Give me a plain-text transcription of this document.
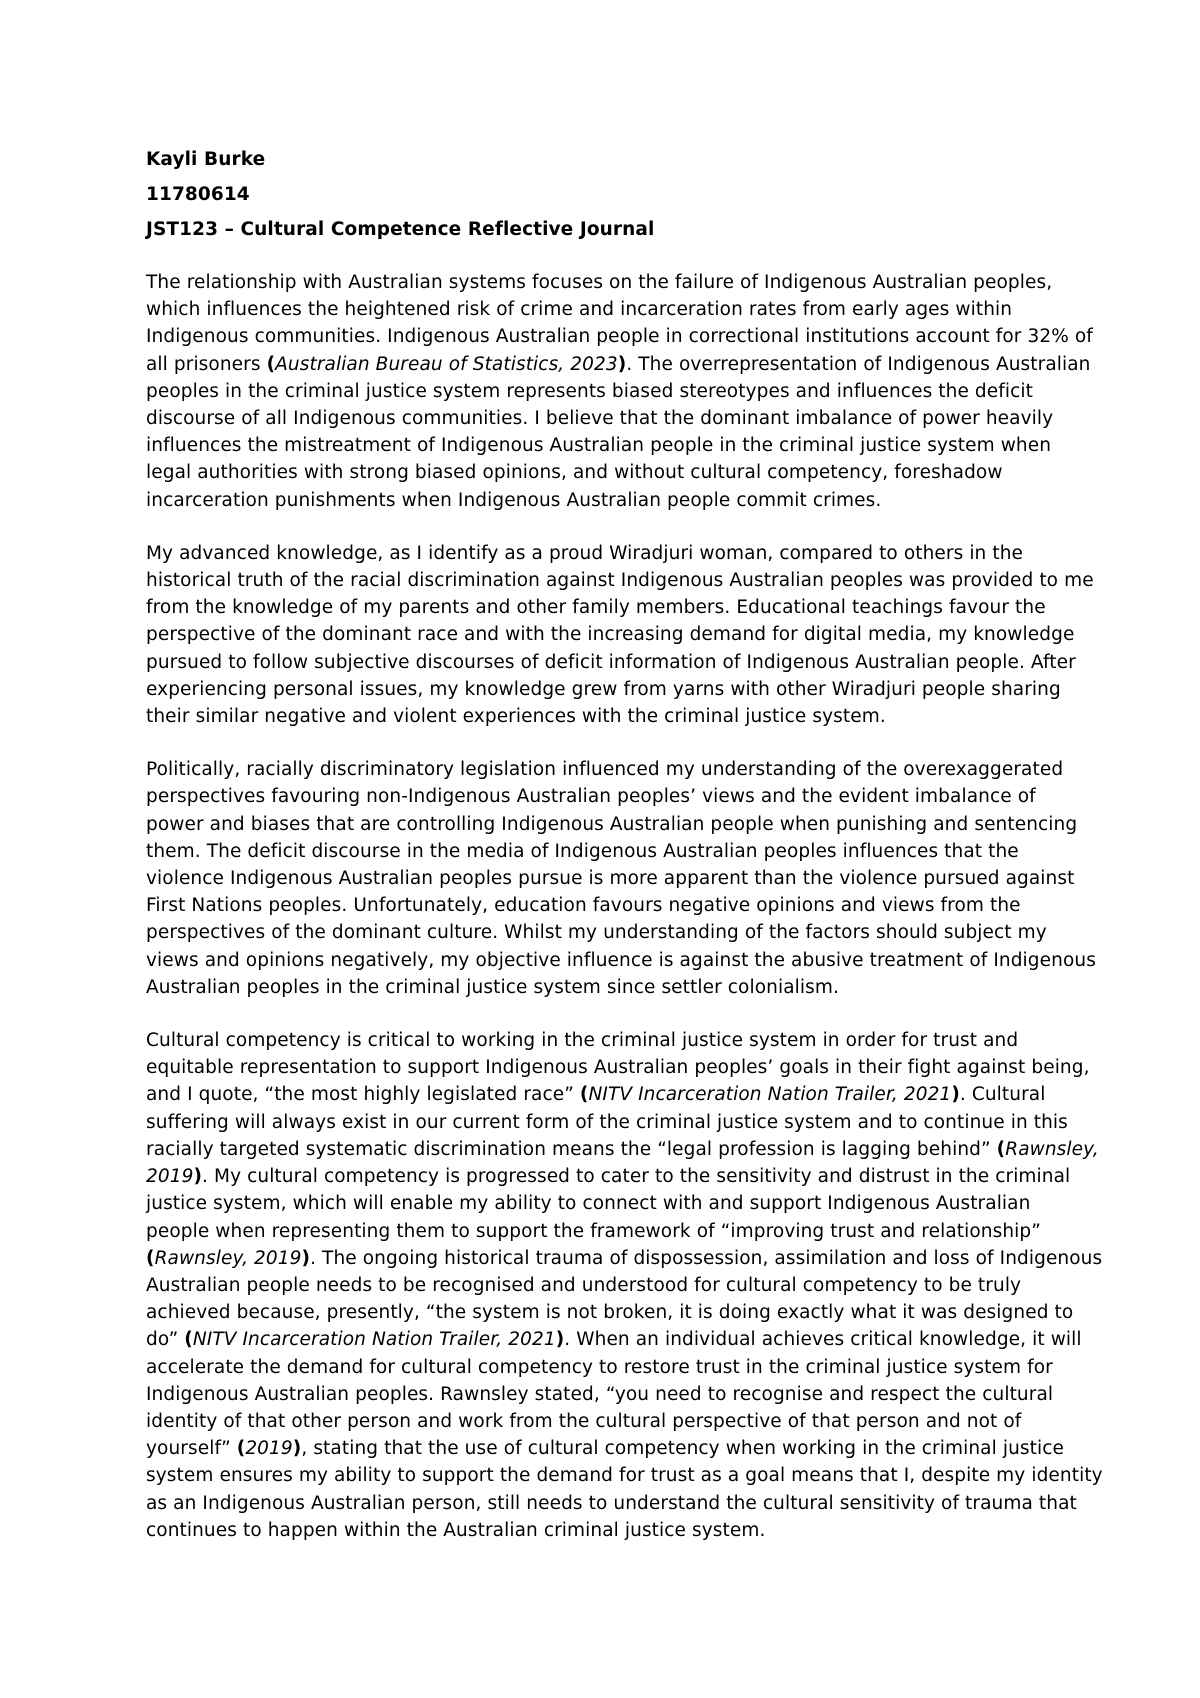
Kayli Burke
11780614
JST123 – Cultural Competence Reflective Journal
The relationship with Australian systems focuses on the failure of Indigenous Australian peoples,
which influences the heightened risk of crime and incarceration rates from early ages within
Indigenous communities. Indigenous Australian people in correctional institutions account for 32% of
all prisoners (Australian Bureau of Statistics, 2023). The overrepresentation of Indigenous Australian
peoples in the criminal justice system represents biased stereotypes and influences the deficit
discourse of all Indigenous communities. I believe that the dominant imbalance of power heavily
influences the mistreatment of Indigenous Australian people in the criminal justice system when
legal authorities with strong biased opinions, and without cultural competency, foreshadow
incarceration punishments when Indigenous Australian people commit crimes.
My advanced knowledge, as I identify as a proud Wiradjuri woman, compared to others in the
historical truth of the racial discrimination against Indigenous Australian peoples was provided to me
from the knowledge of my parents and other family members. Educational teachings favour the
perspective of the dominant race and with the increasing demand for digital media, my knowledge
pursued to follow subjective discourses of deficit information of Indigenous Australian people. After
experiencing personal issues, my knowledge grew from yarns with other Wiradjuri people sharing
their similar negative and violent experiences with the criminal justice system.
Politically, racially discriminatory legislation influenced my understanding of the overexaggerated
perspectives favouring non-Indigenous Australian peoples’ views and the evident imbalance of
power and biases that are controlling Indigenous Australian people when punishing and sentencing
them. The deficit discourse in the media of Indigenous Australian peoples influences that the
violence Indigenous Australian peoples pursue is more apparent than the violence pursued against
First Nations peoples. Unfortunately, education favours negative opinions and views from the
perspectives of the dominant culture. Whilst my understanding of the factors should subject my
views and opinions negatively, my objective influence is against the abusive treatment of Indigenous
Australian peoples in the criminal justice system since settler colonialism.
Cultural competency is critical to working in the criminal justice system in order for trust and
equitable representation to support Indigenous Australian peoples’ goals in their fight against being,
and I quote, “the most highly legislated race” (NITV Incarceration Nation Trailer, 2021). Cultural
suffering will always exist in our current form of the criminal justice system and to continue in this
racially targeted systematic discrimination means the “legal profession is lagging behind” (Rawnsley,
2019). My cultural competency is progressed to cater to the sensitivity and distrust in the criminal
justice system, which will enable my ability to connect with and support Indigenous Australian
people when representing them to support the framework of “improving trust and relationship”
(Rawnsley, 2019). The ongoing historical trauma of dispossession, assimilation and loss of Indigenous
Australian people needs to be recognised and understood for cultural competency to be truly
achieved because, presently, “the system is not broken, it is doing exactly what it was designed to
do” (NITV Incarceration Nation Trailer, 2021). When an individual achieves critical knowledge, it will
accelerate the demand for cultural competency to restore trust in the criminal justice system for
Indigenous Australian peoples. Rawnsley stated, “you need to recognise and respect the cultural
identity of that other person and work from the cultural perspective of that person and not of
yourself” (2019), stating that the use of cultural competency when working in the criminal justice
system ensures my ability to support the demand for trust as a goal means that I, despite my identity
as an Indigenous Australian person, still needs to understand the cultural sensitivity of trauma that
continues to happen within the Australian criminal justice system.
